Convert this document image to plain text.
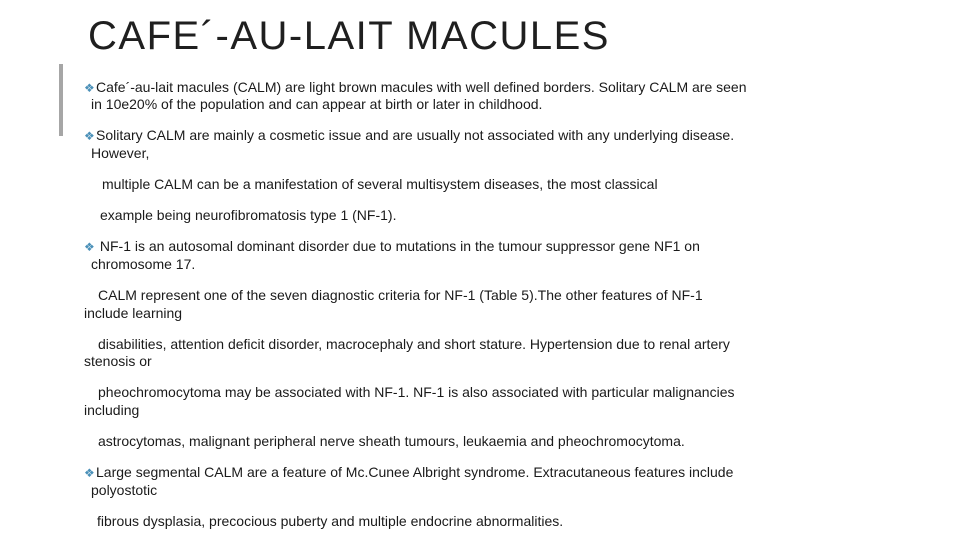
CAFE´-AU-LAIT MACULES
❖Cafe´-au-lait macules (CALM) are light brown macules with well defined borders. Solitary CALM are seen
in 10e20% of the population and can appear at birth or later in childhood.
❖Solitary CALM are mainly a cosmetic issue and are usually not associated with any underlying disease.
However,
multiple CALM can be a manifestation of several multisystem diseases, the most classical
example being neurofibromatosis type 1 (NF-1).
❖ NF-1 is an autosomal dominant disorder due to mutations in the tumour suppressor gene NF1 on
chromosome 17.
CALM represent one of the seven diagnostic criteria for NF-1 (Table 5).The other features of NF-1
include learning
disabilities, attention deficit disorder, macrocephaly and short stature. Hypertension due to renal artery
stenosis or
pheochromocytoma may be associated with NF-1. NF-1 is also associated with particular malignancies
including
astrocytomas, malignant peripheral nerve sheath tumours, leukaemia and pheochromocytoma.
❖Large segmental CALM are a feature of Mc.Cunee Albright syndrome. Extracutaneous features include
polyostotic
fibrous dysplasia, precocious puberty and multiple endocrine abnormalities.
